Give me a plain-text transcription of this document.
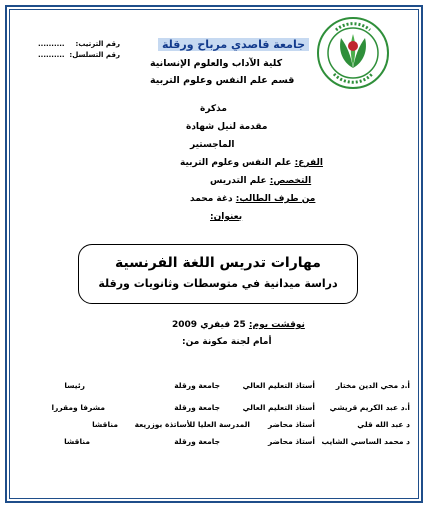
رقم الترتيب:
..........
رقم التسلسل:
..........
جامعة قاصدي مرباح ورقلة
كلية الآداب والعلوم الإنسانية
قسم علم النفس وعلوم التربية
مذكرة
مقدمة لنيل شهادة
الماجستير
الفرع: علم النفس وعلوم التربية
التخصص: علم التدريس
من طرف الطالب: دغة محمد
بعنوان:
مهارات تدريس اللغة الفرنسية
دراسة ميدانية في متوسطات وثانويات ورقلة
نوقشت يوم: 25 فيفري 2009
أمام لجنة مكونة من:
أ.د محي الدين مختار
أستاذ التعليم العالي
جامعة ورقلة
رئيسا
أ.د عبد الكريم قريشي
أستاذ التعليم العالي
جامعة ورقلة
مشرفا ومقررا
د عبد الله قلي
أستاذ محاضر
المدرسة العليا للأساتذة بوزريعة
مناقشا
د محمد الساسي الشايب
أستاذ محاضر
جامعة ورقلة
مناقشا
